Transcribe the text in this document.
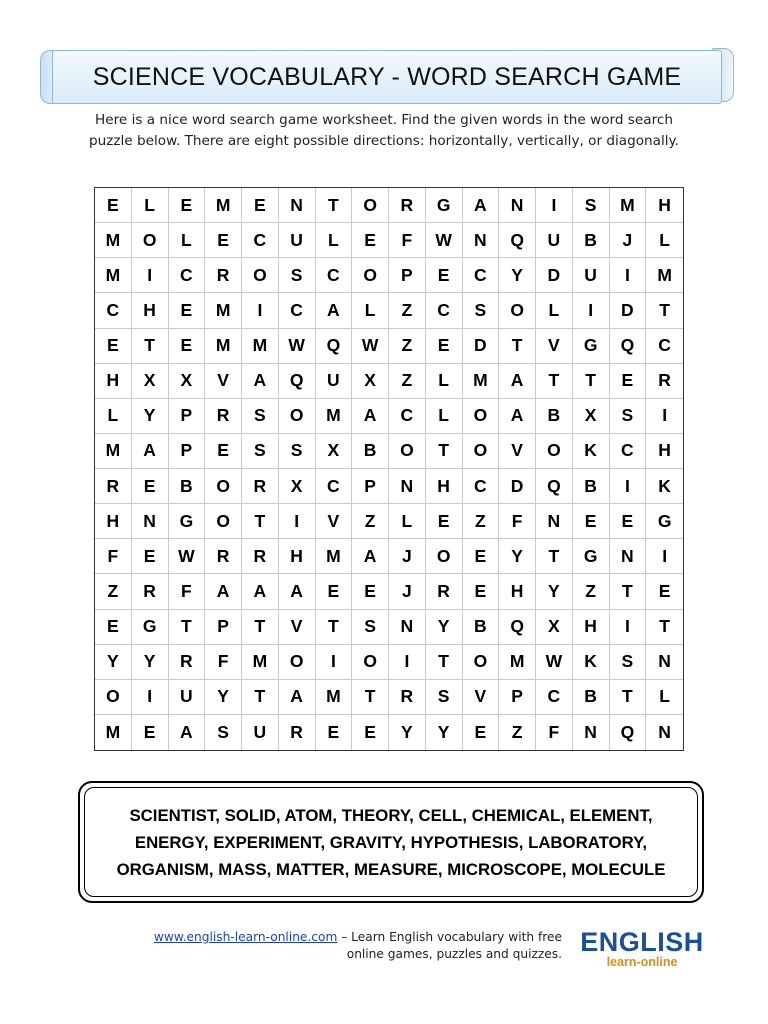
SCIENCE VOCABULARY - WORD SEARCH GAME
Here is a nice word search game worksheet. Find the given words in the word search
puzzle below. There are eight possible directions: horizontally, vertically, or diagonally.
E	L	E	M	E	N	T	O	R	G	A	N	I	S	M	H
M	O	L	E	C	U	L	E	F	W	N	Q	U	B	J	L
M	I	C	R	O	S	C	O	P	E	C	Y	D	U	I	M
C	H	E	M	I	C	A	L	Z	C	S	O	L	I	D	T
E	T	E	M	M	W	Q	W	Z	E	D	T	V	G	Q	C
H	X	X	V	A	Q	U	X	Z	L	M	A	T	T	E	R
L	Y	P	R	S	O	M	A	C	L	O	A	B	X	S	I
M	A	P	E	S	S	X	B	O	T	O	V	O	K	C	H
R	E	B	O	R	X	C	P	N	H	C	D	Q	B	I	K
H	N	G	O	T	I	V	Z	L	E	Z	F	N	E	E	G
F	E	W	R	R	H	M	A	J	O	E	Y	T	G	N	I
Z	R	F	A	A	A	E	E	J	R	E	H	Y	Z	T	E
E	G	T	P	T	V	T	S	N	Y	B	Q	X	H	I	T
Y	Y	R	F	M	O	I	O	I	T	O	M	W	K	S	N
O	I	U	Y	T	A	M	T	R	S	V	P	C	B	T	L
M	E	A	S	U	R	E	E	Y	Y	E	Z	F	N	Q	N
SCIENTIST, SOLID, ATOM, THEORY, CELL, CHEMICAL, ELEMENT,
ENERGY, EXPERIMENT, GRAVITY, HYPOTHESIS, LABORATORY,
ORGANISM, MASS, MATTER, MEASURE, MICROSCOPE, MOLECULE
www.english-learn-online.com – Learn English vocabulary with free
online games, puzzles and quizzes. ENGLISH
learn-online
